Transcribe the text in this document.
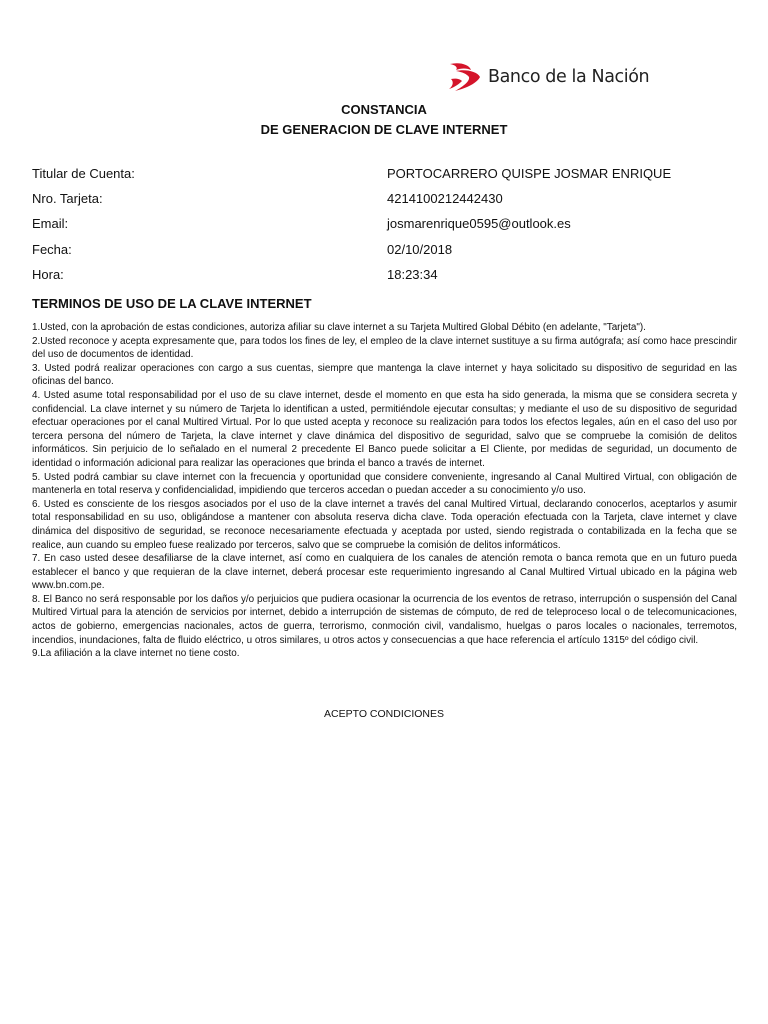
Banco de la Nación
CONSTANCIA
DE GENERACION DE CLAVE INTERNET
Titular de Cuenta:	PORTOCARRERO QUISPE JOSMAR ENRIQUE
Nro. Tarjeta:	4214100212442430
Email:	josmarenrique0595@outlook.es
Fecha:	02/10/2018
Hora:	18:23:34
TERMINOS DE USO DE LA CLAVE INTERNET

1.Usted, con la aprobación de estas condiciones, autoriza afiliar su clave internet a su Tarjeta Multired Global Débito (en adelante, "Tarjeta").

2.Usted reconoce y acepta expresamente que, para todos los fines de ley, el empleo de la clave internet sustituye a su firma autógrafa; así como hace prescindir del uso de documentos de identidad.

3. Usted podrá realizar operaciones con cargo a sus cuentas, siempre que mantenga la clave internet y haya solicitado su dispositivo de seguridad en las oficinas del banco.

4. Usted asume total responsabilidad por el uso de su clave internet, desde el momento en que esta ha sido generada, la misma que se considera secreta y confidencial. La clave internet y su número de Tarjeta lo identifican a usted, permitiéndole ejecutar consultas; y mediante el uso de su dispositivo de seguridad efectuar operaciones por el canal Multired Virtual. Por lo que usted acepta y reconoce su realización para todos los efectos legales, aún en el caso del uso por tercera persona del número de Tarjeta, la clave internet y clave dinámica del dispositivo de seguridad, salvo que se compruebe la comisión de delitos informáticos. Sin perjuicio de lo señalado en el numeral 2 precedente El Banco puede solicitar a El Cliente, por medidas de seguridad, un documento de identidad o información adicional para realizar las operaciones que brinda el banco a través de internet.

5. Usted podrá cambiar su clave internet con la frecuencia y oportunidad que considere conveniente, ingresando al Canal Multired Virtual, con obligación de mantenerla en total reserva y confidencialidad, impidiendo que terceros accedan o puedan acceder a su conocimiento y/o uso.

6. Usted es consciente de los riesgos asociados por el uso de la clave internet a través del canal Multired Virtual, declarando conocerlos, aceptarlos y asumir total responsabilidad en su uso, obligándose a mantener con absoluta reserva dicha clave. Toda operación efectuada con la Tarjeta, clave internet y clave dinámica del dispositivo de seguridad, se reconoce necesariamente efectuada y aceptada por usted, siendo registrada o contabilizada en la fecha que se realice, aun cuando su empleo fuese realizado por terceros, salvo que se compruebe la comisión de delitos informáticos.

7. En caso usted desee desafiliarse de la clave internet, así como en cualquiera de los canales de atención remota o banca remota que en un futuro pueda establecer el banco y que requieran de la clave internet, deberá procesar este requerimiento ingresando al Canal Multired Virtual ubicado en la página web www.bn.com.pe.

8. El Banco no será responsable por los daños y/o perjuicios que pudiera ocasionar la ocurrencia de los eventos de retraso, interrupción o suspensión del Canal Multired Virtual para la atención de servicios por internet, debido a interrupción de sistemas de cómputo, de red de teleproceso local o de telecomunicaciones, actos de gobierno, emergencias nacionales, actos de guerra, terrorismo, conmoción civil, vandalismo, huelgas o paros locales o nacionales, terremotos, incendios, inundaciones, falta de fluido eléctrico, u otros similares, u otros actos y consecuencias a que hace referencia el artículo 1315º del código civil.

9.La afiliación a la clave internet no tiene costo.

ACEPTO CONDICIONES
